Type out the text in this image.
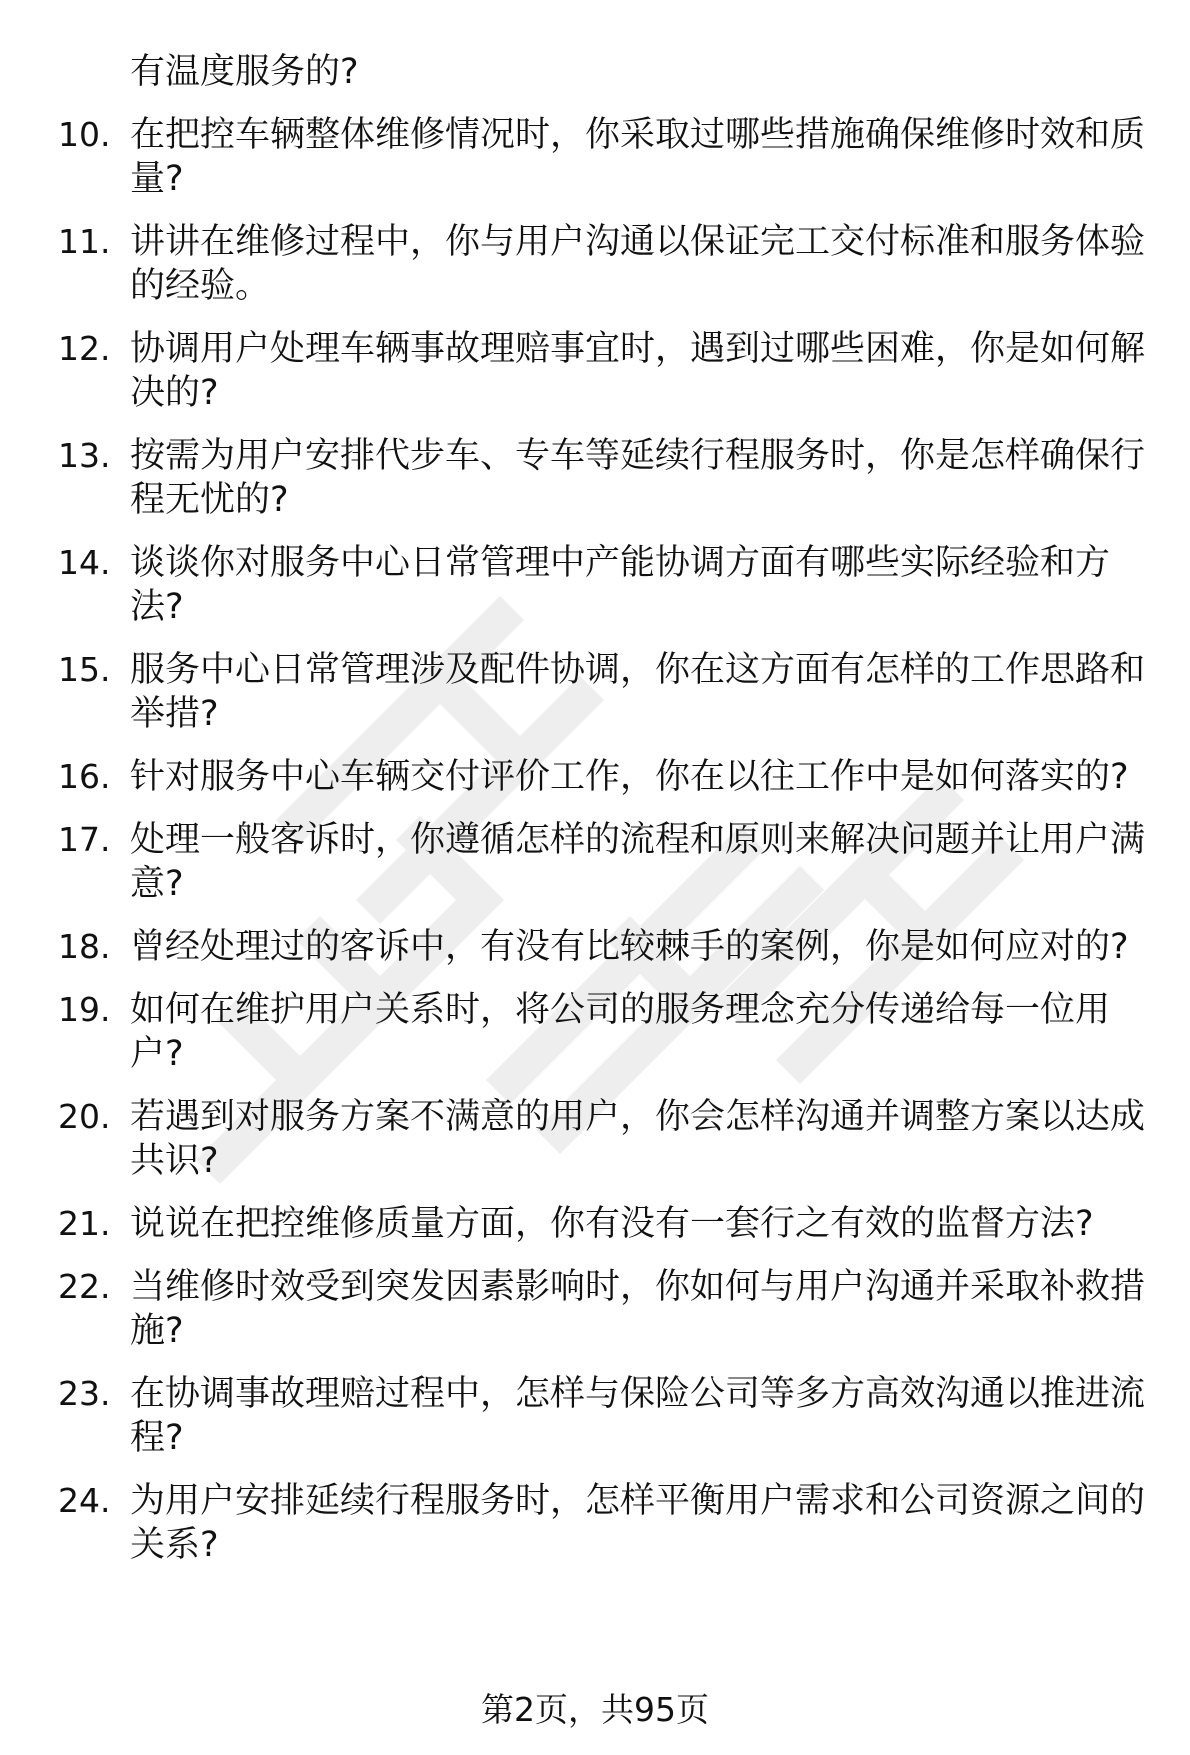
有温度服务的?
10. 在把控车辆整体维修情况时，你采取过哪些措施确保维修时效和质量?
11. 讲讲在维修过程中，你与用户沟通以保证完工交付标准和服务体验的经验。
12. 协调用户处理车辆事故理赔事宜时，遇到过哪些困难，你是如何解决的?
13. 按需为用户安排代步车、专车等延续行程服务时，你是怎样确保行程无忧的?
14. 谈谈你对服务中心日常管理中产能协调方面有哪些实际经验和方法?
15. 服务中心日常管理涉及配件协调，你在这方面有怎样的工作思路和举措?
16. 针对服务中心车辆交付评价工作，你在以往工作中是如何落实的?
17. 处理一般客诉时，你遵循怎样的流程和原则来解决问题并让用户满意?
18. 曾经处理过的客诉中，有没有比较棘手的案例，你是如何应对的?
19. 如何在维护用户关系时，将公司的服务理念充分传递给每一位用户?
20. 若遇到对服务方案不满意的用户，你会怎样沟通并调整方案以达成共识?
21. 说说在把控维修质量方面，你有没有一套行之有效的监督方法?
22. 当维修时效受到突发因素影响时，你如何与用户沟通并采取补救措施?
23. 在协调事故理赔过程中，怎样与保险公司等多方高效沟通以推进流程?
24. 为用户安排延续行程服务时，怎样平衡用户需求和公司资源之间的关系?
第2页，共95页
